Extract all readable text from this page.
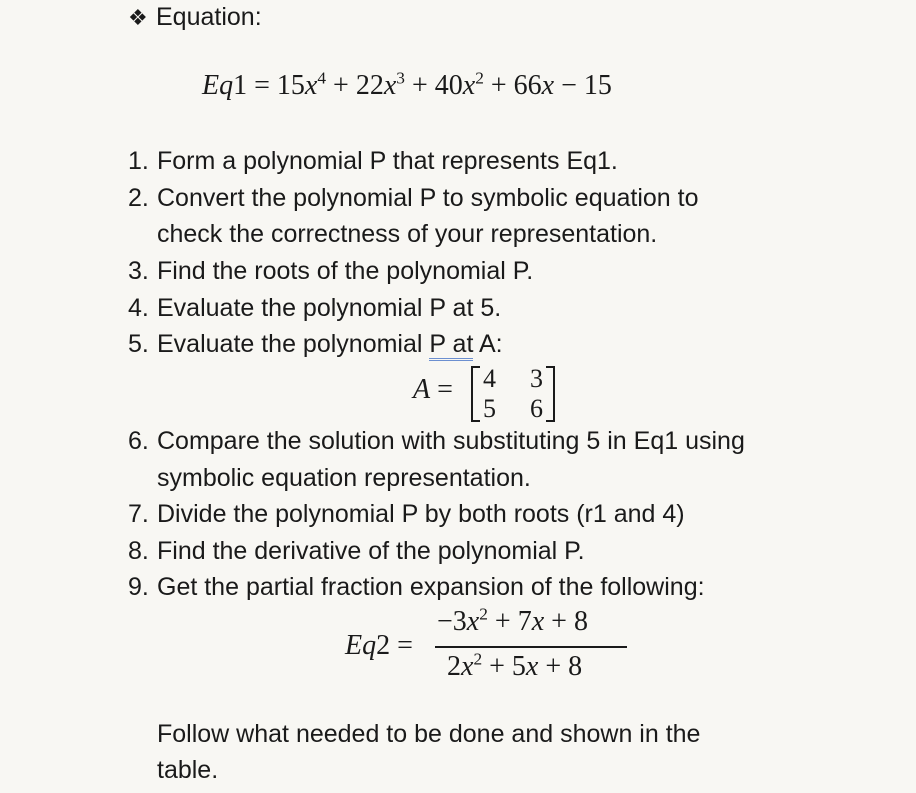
❖ Equation:
$Eq1 = 15x^4 + 22x^3 + 40x^2 + 66x - 15$
1. Form a polynomial P that represents Eq1.
2. Convert the polynomial P to symbolic equation to
check the correctness of your representation.
3. Find the roots of the polynomial P.
4. Evaluate the polynomial P at 5.
5. Evaluate the polynomial P at A:
A = 4 3
5 6
6. Compare the solution with substituting 5 in Eq1 using
symbolic equation representation.
7. Divide the polynomial P by both roots (r1 and 4)
8. Find the derivative of the polynomial P.
9. Get the partial fraction expansion of the following:
Eq2 =
$-3x^2 + 7x + 8$
$2x^2 + 5x + 8$
Follow what needed to be done and shown in the
table.
